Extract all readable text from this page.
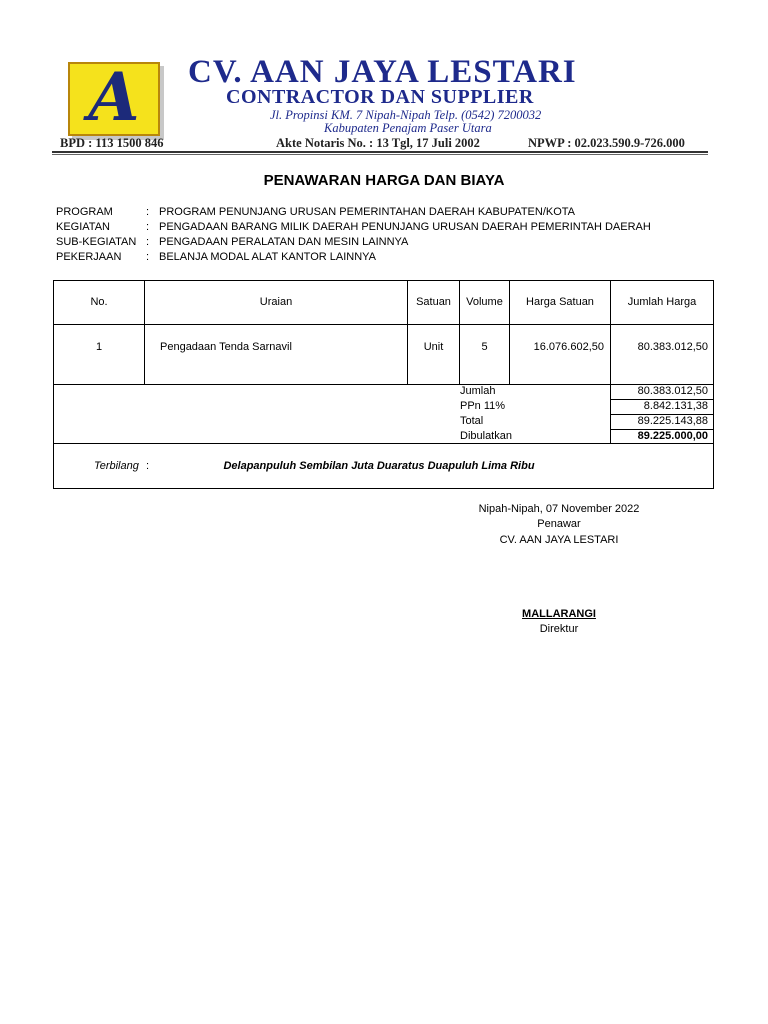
A	CV. AAN JAYA LESTARI
CONTRACTOR DAN SUPPLIER
Jl. Propinsi KM. 7 Nipah-Nipah Telp. (0542) 7200032
Kabupaten Penajam Paser Utara
BPD : 113 1500 846	Akte Notaris No. : 13 Tgl, 17 Juli 2002	NPWP : 02.023.590.9-726.000
PENAWARAN HARGA DAN BIAYA
PROGRAM	: PROGRAM PENUNJANG URUSAN PEMERINTAHAN DAERAH KABUPATEN/KOTA
KEGIATAN	: PENGADAAN BARANG MILIK DAERAH PENUNJANG URUSAN DAERAH PEMERINTAH DAERAH
SUB-KEGIATAN : PENGADAAN PERALATAN DAN MESIN LAINNYA
PEKERJAAN	: BELANJA MODAL ALAT KANTOR LAINNYA
No.	Uraian	Satuan	Volume	Harga Satuan	Jumlah Harga
1	Pengadaan Tenda Sarnavil	Unit	5	16.076.602,50	80.383.012,50
Jumlah	80.383.012,50
PPn 11%	8.842.131,38
Total	89.225.143,88
Dibulatkan	89.225.000,00
Terbilang :	Delapanpuluh Sembilan Juta Duaratus Duapuluh Lima Ribu
Nipah-Nipah, 07 November 2022
Penawar
CV. AAN JAYA LESTARI
MALLARANGI
Direktur
